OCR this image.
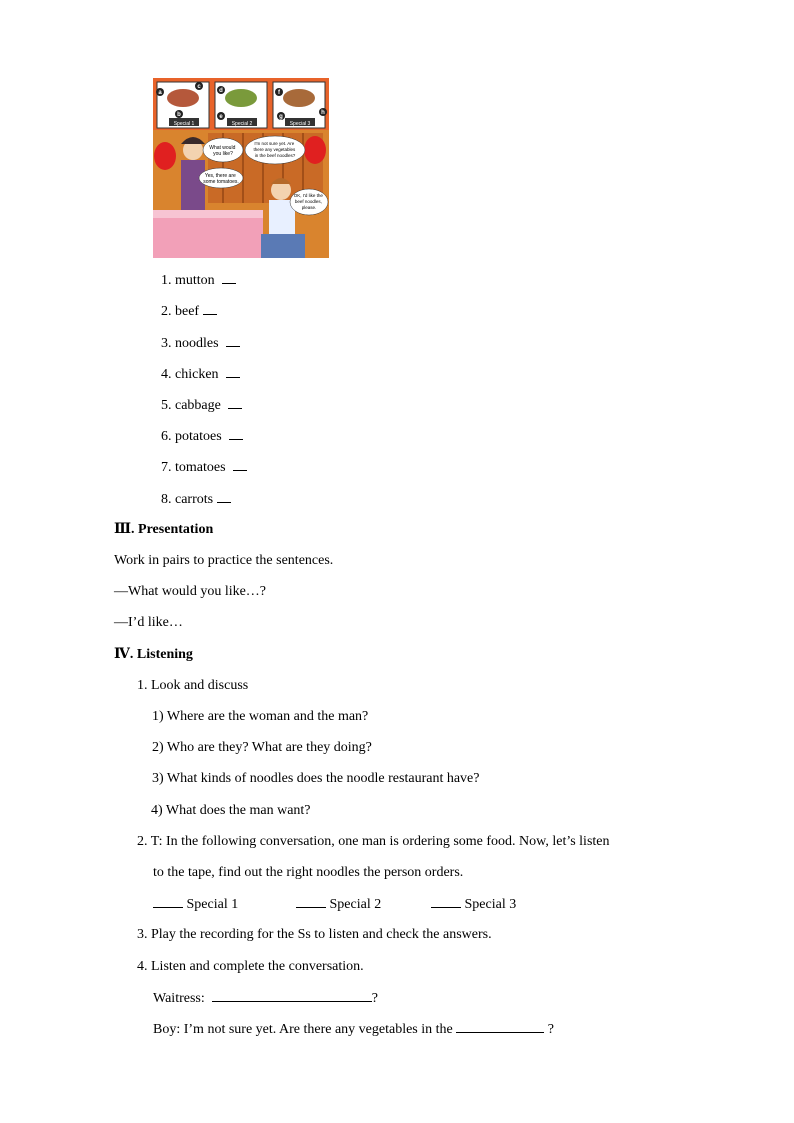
Special 1	Special 2	Special 3
a
b
c
d
e
f
g
h
What would you like?
I'm not sure yet. Are there any vegetables in the beef noodles?
Yes, there are some tomatoes.
OK, I'd like the beef noodles, please.
1. mutton
2. beef
3. noodles
4. chicken
5. cabbage
6. potatoes
7. tomatoes
8. carrots
Ⅲ. Presentation
Work in pairs to practice the sentences.
—What would you like…?
—I’d like…
Ⅳ. Listening
1. Look and discuss
1) Where are the woman and the man?
2) Who are they? What are they doing?
3) What kinds of noodles does the noodle restaurant have?
4) What does the man want?
2. T: In the following conversation, one man is ordering some food. Now, let’s listen
to the tape, find out the right noodles the person orders.
Special 1	Special 2	Special 3
3. Play the recording for the Ss to listen and check the answers.
4. Listen and complete the conversation.
Waitress:	?
Boy: I’m not sure yet. Are there any vegetables in the	?
